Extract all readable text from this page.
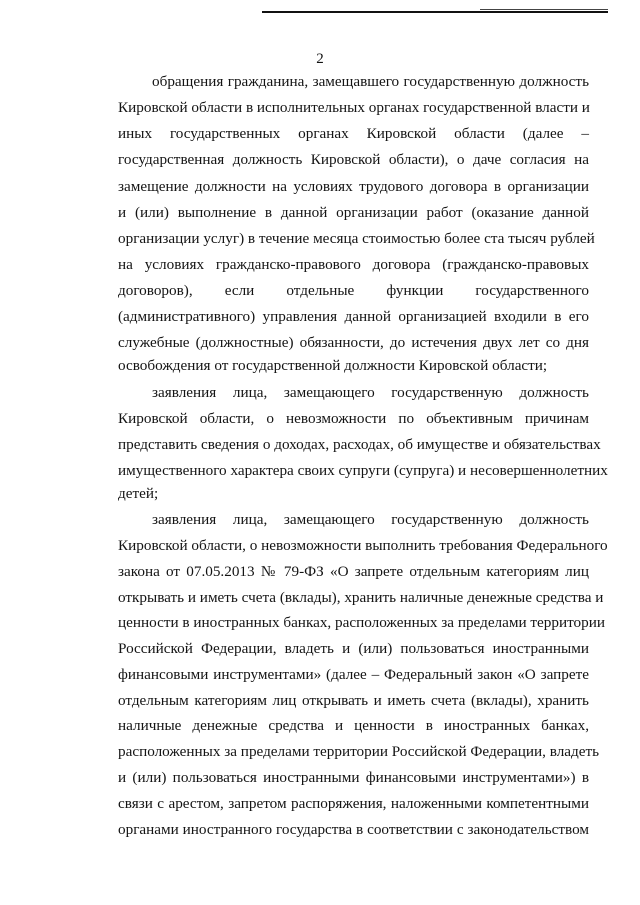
2
обращения гражданина, замещавшего государственную должность
Кировской области в исполнительных органах государственной власти и
иных государственных органах Кировской области (далее –
государственная должность Кировской области), о даче согласия на
замещение должности на условиях трудового договора в организации
и (или) выполнение в данной организации работ (оказание данной
организации услуг) в течение месяца стоимостью более ста тысяч рублей
на условиях гражданско-правового договора (гражданско-правовых
договоров), если отдельные функции государственного
(административного) управления данной организацией входили в его
служебные (должностные) обязанности, до истечения двух лет со дня
освобождения от государственной должности Кировской области;
заявления лица, замещающего государственную должность
Кировской области, о невозможности по объективным причинам
представить сведения о доходах, расходах, об имуществе и обязательствах
имущественного характера своих супруги (супруга) и несовершеннолетних
детей;
заявления лица, замещающего государственную должность
Кировской области, о невозможности выполнить требования Федерального
закона от 07.05.2013 № 79-ФЗ «О запрете отдельным категориям лиц
открывать и иметь счета (вклады), хранить наличные денежные средства и
ценности в иностранных банках, расположенных за пределами территории
Российской Федерации, владеть и (или) пользоваться иностранными
финансовыми инструментами» (далее – Федеральный закон «О запрете
отдельным категориям лиц открывать и иметь счета (вклады), хранить
наличные денежные средства и ценности в иностранных банках,
расположенных за пределами территории Российской Федерации, владеть
и (или) пользоваться иностранными финансовыми инструментами») в
связи с арестом, запретом распоряжения, наложенными компетентными
органами иностранного государства в соответствии с законодательством
